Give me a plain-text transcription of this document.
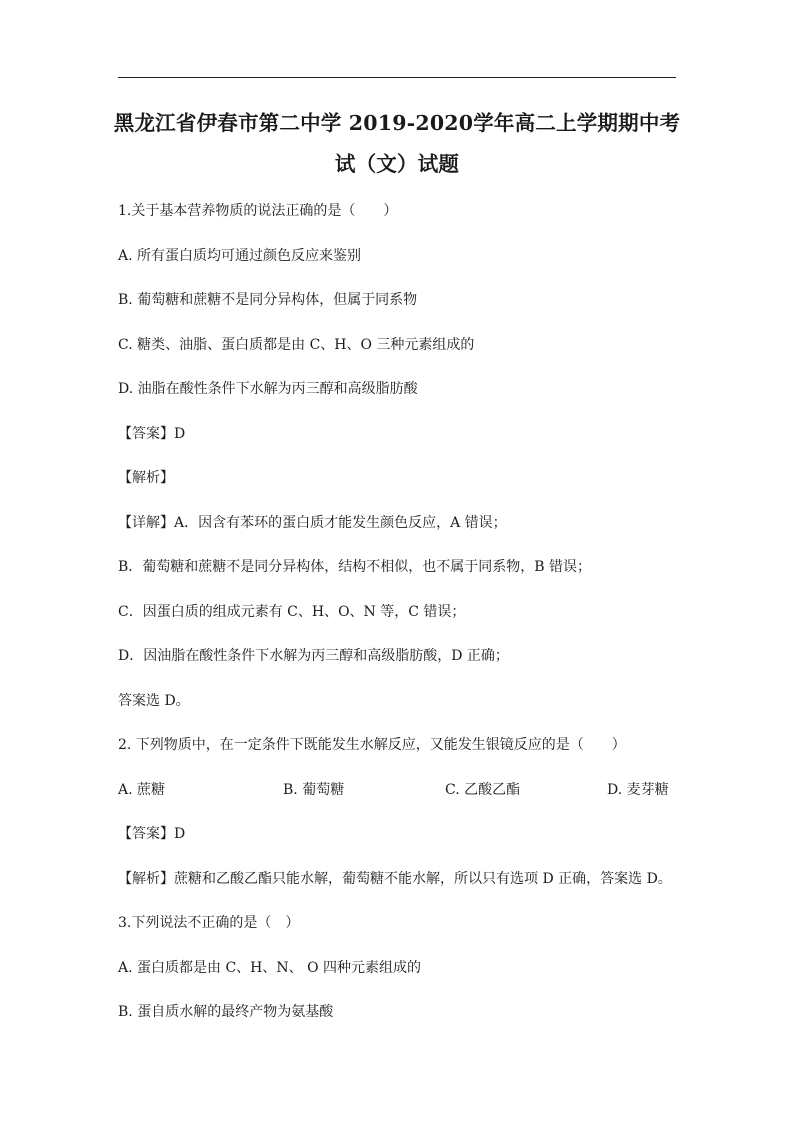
黑龙江省伊春市第二中学 2019-2020学年高二上学期期中考
试（文）试题
1.关于基本营养物质的说法正确的是（　　）
A. 所有蛋白质均可通过颜色反应来鉴别
B. 葡萄糖和蔗糖不是同分异构体，但属于同系物
C. 糖类、油脂、蛋白质都是由 C、H、O 三种元素组成的
D. 油脂在酸性条件下水解为丙三醇和高级脂肪酸
【答案】D
【解析】
【详解】A．因含有苯环的蛋白质才能发生颜色反应，A 错误；
B．葡萄糖和蔗糖不是同分异构体，结构不相似，也不属于同系物，B 错误；
C．因蛋白质的组成元素有 C、H、O、N 等，C 错误；
D．因油脂在酸性条件下水解为丙三醇和高级脂肪酸，D 正确；
答案选 D。
2. 下列物质中，在一定条件下既能发生水解反应，又能发生银镜反应的是（　　）
A. 蔗糖	B. 葡萄糖	C. 乙酸乙酯	D. 麦芽糖
【答案】D
【解析】蔗糖和乙酸乙酯只能水解，葡萄糖不能水解，所以只有选项 D 正确，答案选 D。
3.下列说法不正确的是（　）
A. 蛋白质都是由 C、H、N、 O 四种元素组成的
B. 蛋自质水解的最终产物为氨基酸
